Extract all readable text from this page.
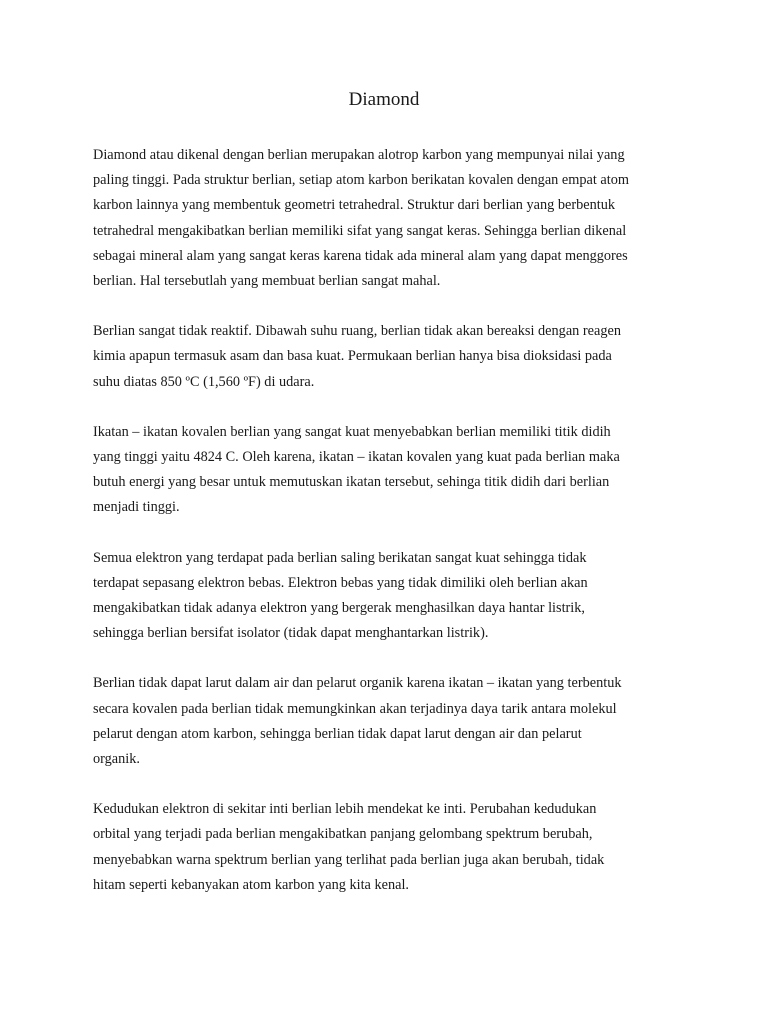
Diamond

Diamond atau dikenal dengan berlian merupakan alotrop karbon yang mempunyai nilai yang
paling tinggi. Pada struktur berlian, setiap atom karbon berikatan kovalen dengan empat atom
karbon lainnya yang membentuk geometri tetrahedral. Struktur dari berlian yang berbentuk
tetrahedral mengakibatkan berlian memiliki sifat yang sangat keras. Sehingga berlian dikenal
sebagai mineral alam yang sangat keras karena tidak ada mineral alam yang dapat menggores
berlian. Hal tersebutlah yang membuat berlian sangat mahal.

Berlian sangat tidak reaktif. Dibawah suhu ruang, berlian tidak akan bereaksi dengan reagen
kimia apapun termasuk asam dan basa kuat. Permukaan berlian hanya bisa dioksidasi pada
suhu diatas 850 ºC (1,560 ºF) di udara.

Ikatan – ikatan kovalen berlian yang sangat kuat menyebabkan berlian memiliki titik didih
yang tinggi yaitu 4824 C. Oleh karena, ikatan – ikatan kovalen yang kuat pada berlian maka
butuh energi yang besar untuk memutuskan ikatan tersebut, sehinga titik didih dari berlian
menjadi tinggi.

Semua elektron yang terdapat pada berlian saling berikatan sangat kuat sehingga tidak
terdapat sepasang elektron bebas. Elektron bebas yang tidak dimiliki oleh berlian akan
mengakibatkan tidak adanya elektron yang bergerak menghasilkan daya hantar listrik,
sehingga berlian bersifat isolator (tidak dapat menghantarkan listrik).

Berlian tidak dapat larut dalam air dan pelarut organik karena ikatan – ikatan yang terbentuk
secara kovalen pada berlian tidak memungkinkan akan terjadinya daya tarik antara molekul
pelarut dengan atom karbon, sehingga berlian tidak dapat larut dengan air dan pelarut
organik.

Kedudukan elektron di sekitar inti berlian lebih mendekat ke inti. Perubahan kedudukan
orbital yang terjadi pada berlian mengakibatkan panjang gelombang spektrum berubah,
menyebabkan warna spektrum berlian yang terlihat pada berlian juga akan berubah, tidak
hitam seperti kebanyakan atom karbon yang kita kenal.
